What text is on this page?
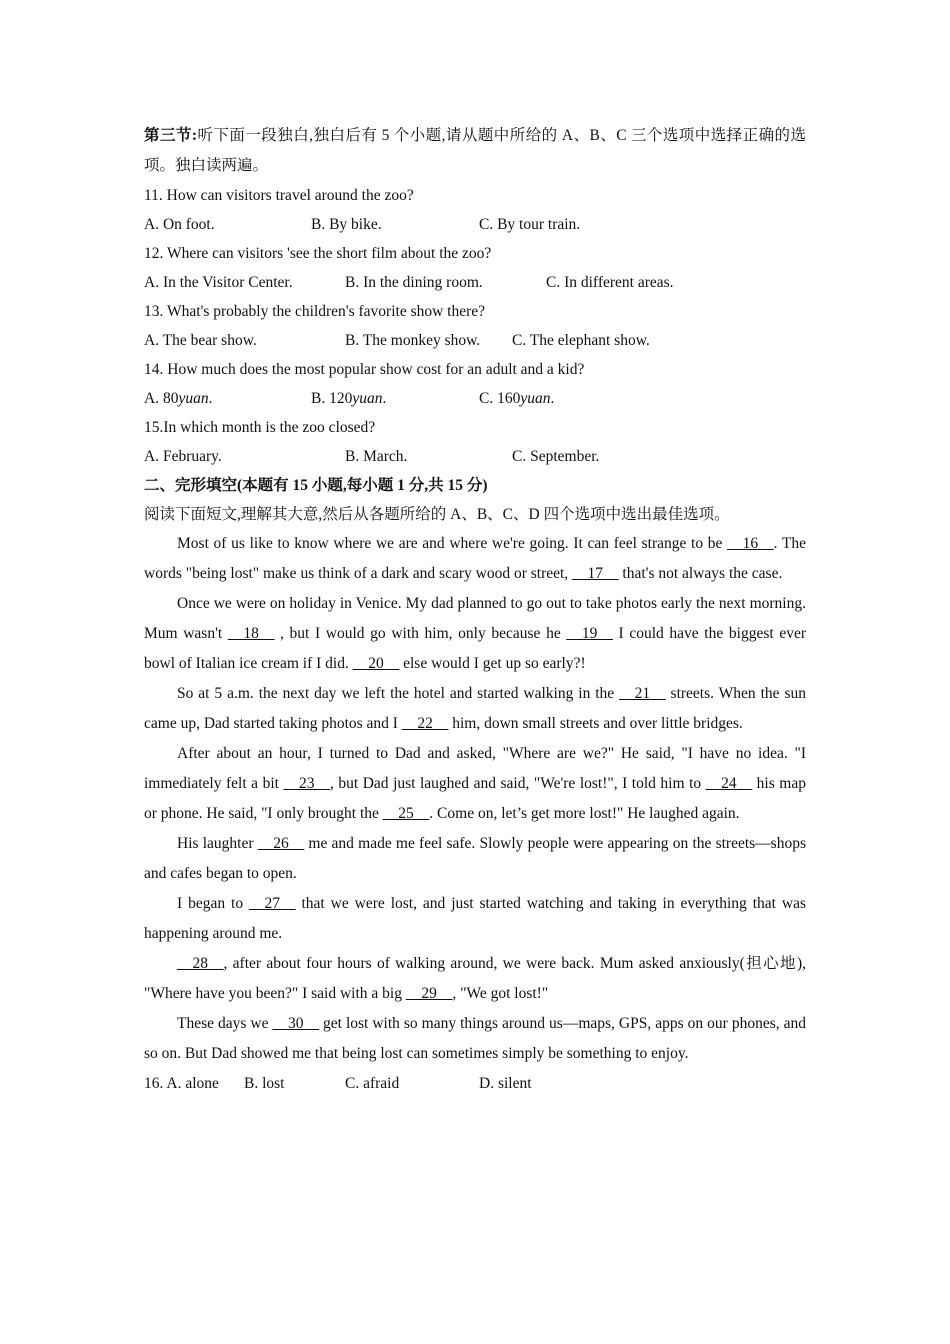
第三节:听下面一段独白,独白后有 5 个小题,请从题中所给的 A、B、C 三个选项中选择正确的选项。独白读两遍。
11. How can visitors travel around the zoo?
A. On foot.	B. By bike.	C. By tour train.
12. Where can visitors 'see the short film about the zoo?
A. In the Visitor Center.	B. In the dining room.	C. In different areas.
13. What's probably the children's favorite show there?
A. The bear show.	B. The monkey show.	C. The elephant show.
14. How much does the most popular show cost for an adult and a kid?
A. 80yuan.	B. 120yuan.	C. 160yuan.
15.In which month is the zoo closed?
A. February.	B. March.	C. September.
二、完形填空(本题有 15 小题,每小题 1 分,共 15 分)
阅读下面短文,理解其大意,然后从各题所给的 A、B、C、D 四个选项中选出最佳选项。
Most of us like to know where we are and where we're going. It can feel strange to be __16__. The words "being lost" make us think of a dark and scary wood or street, __17__ that's not always the case.
Once we were on holiday in Venice. My dad planned to go out to take photos early the next morning. Mum wasn't __18__ , but I would go with him, only because he __19__ I could have the biggest ever bowl of Italian ice cream if I did. __20__ else would I get up so early?!
So at 5 a.m. the next day we left the hotel and started walking in the __21__ streets. When the sun came up, Dad started taking photos and I __22__ him, down small streets and over little bridges.
After about an hour, I turned to Dad and asked, "Where are we?" He said, "I have no idea. "I immediately felt a bit __23__, but Dad just laughed and said, "We're lost!", I told him to __24__ his map or phone. He said, "I only brought the __25__. Come on, let’s get more lost!" He laughed again.
His laughter __26__ me and made me feel safe. Slowly people were appearing on the streets—shops and cafes began to open.
I began to __27__ that we were lost, and just started watching and taking in everything that was happening around me.
__28__, after about four hours of walking around, we were back. Mum asked anxiously(担心地), "Where have you been?" I said with a big __29__, "We got lost!"
These days we __30__ get lost with so many things around us—maps, GPS, apps on our phones, and so on. But Dad showed me that being lost can sometimes simply be something to enjoy.
16. A. alone	B. lost	C. afraid	D. silent
